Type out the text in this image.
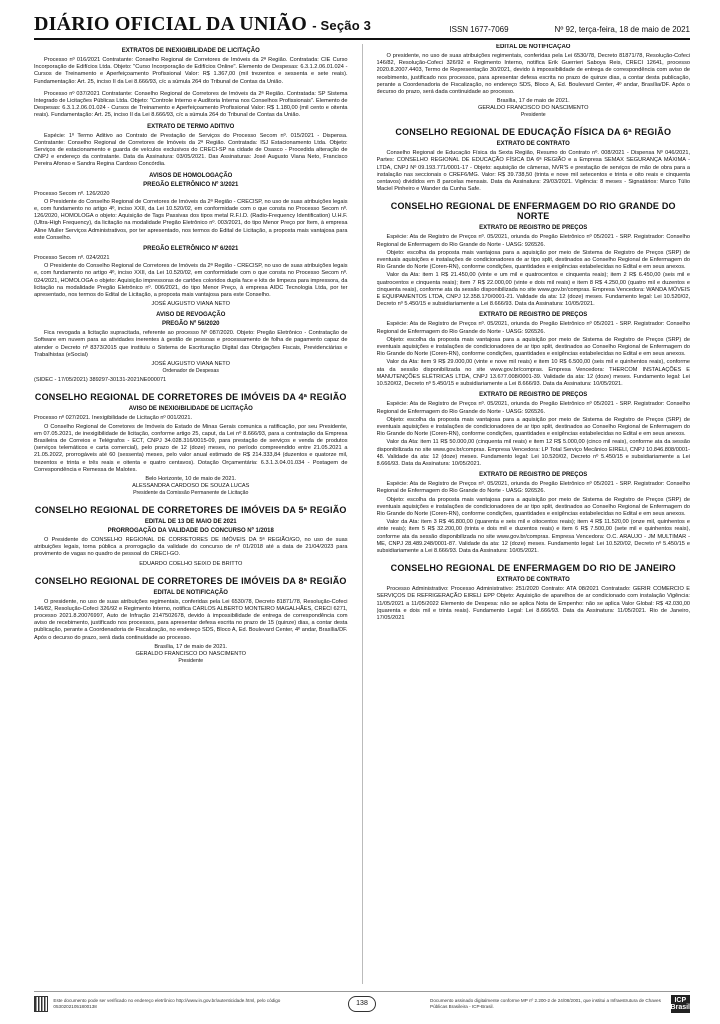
DIÁRIO OFICIAL DA UNIÃO - Seção 3	ISSN 1677-7069	Nº 92, terça-feira, 18 de maio de 2021
EXTRATOS DE INEXIGIBILIDADE DE LICITAÇÃO

Processo nº 016/2021 Contratante: Conselho Regional de Corretores de Imóveis da 2ª Região. Contratada: CIE Curso Incorporação de Edifícios Ltda. Objeto: "Curso Incorporação de Edifícios Online". Elemento de Despesas: 6.3.1.2.06.01.024 - Cursos de Treinamento e Aperfeiçoamento Profissional Valor: R$ 1.367,00 (mil trezentos e sessenta e sete reais). Fundamentação: Art. 25, inciso II da Lei 8.666/93, c/c a súmula 264 do Tribunal de Contas da União.

Processo nº 037/2021 Contratante: Conselho Regional de Corretores de Imóveis da 2ª Região. Contratada: SP Sistema Integrado de Licitações Públicas Ltda. Objeto: "Controle Interno e Auditoria Interna nos Conselhos Profissionais". Elemento de Despesas: 6.3.1.2.06.01.024 - Cursos de Treinamento e Aperfeiçoamento Profissional Valor: R$ 1.180,00 (mil cento e oitenta reais). Fundamentação: Art. 25, inciso II da Lei 8.666/93, c/c a súmula 264 do Tribunal de Contas da União.

EXTRATO DE TERMO ADITIVO

Espécie: 1º Termo Aditivo ao Contrato de Prestação de Serviços do Processo Secom nº. 015/2021 - Dispensa. Contratante: Conselho Regional de Corretores de Imóveis da 2ª Região. Contratada: ISJ Estacionamento Ltda. Objeto: Serviços de estacionamento e guarda de veículos exclusivos do CRECI-SP na cidade de Osasco - Procedida alteração de CNPJ e endereço da contratante. Data da Assinatura: 03/05/2021. Das Assinaturas: José Augusto Viana Neto, Francisco Pereira Afonso e Sandra Regina Cardoso Concórdia.

AVISOS DE HOMOLOGAÇÃO
PREGÃO ELETRÔNICO Nº 3/2021

Processo Secom nº. 126/2020

O Presidente do Conselho Regional de Corretores de Imóveis da 2ª Região - CRECISP, no uso de suas atribuições legais e, com fundamento no artigo 4º, inciso XXII, da Lei 10.520/02, em conformidade com o que consta no Processo Secom nº. 126/2020, HOMOLOGA o objeto: Aquisição de Tags Passivas dos tipos metal R.F.I.D. (Radio-Frequency Identification) U.H.F. (Ultra-High Frequency), da licitação na modalidade Pregão Eletrônico nº. 003/2021, do tipo Menor Preço por Item, à empresa Aline Muller Serviços Administrativos, por ter apresentado, nos termos do Edital de Licitação, a proposta mais vantajosa para este Conselho.

PREGÃO ELETRÔNICO Nº 6/2021

Processo Secom nº. 024/2021

O Presidente do Conselho Regional de Corretores de Imóveis da 2ª Região - CRECISP, no uso de suas atribuições legais e, com fundamento no artigo 4º, inciso XXII, da Lei 10.520/02, em conformidade com o que consta no Processo Secom nº. 024/2021, HOMOLOGA o objeto: Aquisição impressoras de cartões coloridos dupla face e kits de limpeza para impressora, da licitação na modalidade Pregão Eletrônico nº. 006/2021, do tipo Menor Preço, à empresa AIDC Tecnologia Ltda, por ter apresentado, nos termos do Edital de Licitação, a proposta mais vantajosa para este Conselho.

JOSÉ AUGUSTO VIANA NETO
AVISO DE REVOGAÇÃO
PREGÃO Nº 56/2020

Fica revogada a licitação supracitada, referente ao processo Nº 087/2020. Objeto: Pregão Eletrônico - Contratação de Software em nuvem para as atividades inerentes à gestão de pessoas e processamento de folha de pagamento capaz de atender o Decreto nº 8373/2015 que instituiu o Sistema de Escrituração Digital das Obrigações Fiscais, Previdenciárias e Trabalhistas (eSocial)

JOSÉ AUGUSTO VIANA NETO
Ordenador de Despesas

(SIDEC - 17/05/2021) 389297-30131-2021NE000071

CONSELHO REGIONAL DE CORRETORES DE IMÓVEIS DA 4ª REGIÃO
AVISO DE INEXIGIBILIDADE DE LICITAÇÃO

Processo nº 027/2021. Inexigibilidade de Licitação nº 001/2021.

O Conselho Regional de Corretores de Imóveis do Estado de Minas Gerais comunica a ratificação, por seu Presidente, em 07.05.2021, de inexigibilidade de licitação, conforme artigo 25, caput, da Lei nº 8.666/93, para a contratação da Empresa Brasileira de Correios e Telégrafos - ECT, CNPJ 34.028.316/0015-09, para prestação de serviços e venda de produtos (serviços telemáticos e carta comercial), pelo prazo de 12 (doze) meses, no período compreendido entre 21.05.2021 a 21.05.2022, prorrogáveis até 60 (sessenta) meses, pelo valor anual estimado de R$ 214.333,84 (duzentos e quatorze mil, trezentos e trinta e três reais e oitenta e quatro centavos). Dotação Orçamentária: 6.3.1.3.04.01.034 - Postagem de Correspondência e Remessa de Malotes.

Belo Horizonte, 10 de maio de 2021.
ALESSANDRA CARDOSO DE SOUZA LUCAS
Presidente da Comissão Permanente de Licitação
CONSELHO REGIONAL DE CORRETORES DE IMÓVEIS DA 5ª REGIÃO
EDITAL DE 13 DE MAIO DE 2021
PRORROGAÇÃO DA VALIDADE DO CONCURSO Nº 1/2018

O Presidente do CONSELHO REGIONAL DE CORRETORES DE IMÓVEIS DA 5ª REGIÃO/GO, no uso de suas atribuições legais, torna pública a prorrogação da validade do concurso de nº 01/2018 até a data de 21/04/2023 para provimento de vagas no quadro de pessoal do CRECI-GO.

EDUARDO COELHO SEIXO DE BRITTO
CONSELHO REGIONAL DE CORRETORES DE IMÓVEIS DA 8ª REGIÃO
EDITAL DE NOTIFICAÇÃO

O presidente, no uso de suas atribuições regimentais, conferidas pela Lei 6530/78, Decreto 81871/78, Resolução-Cofeci 146/82, Resolução-Cofeci 326/92 e Regimento Interno, notifica CARLOS ALBERTO MONTEIRO MAGALHÃES, CRECI 6271, processo 2021.8.20076997, Auto de Infração 2147502678, devido à impossibilidade de entrega de correspondência com aviso de recebimento, justificado nos processos, para apresentar defesa escrita no prazo de 15 (quinze) dias, a contar desta publicação, perante a Coordenadoria de Fiscalização, no endereço SDS, Bloco A, Ed. Boulevard Center, 4º andar, Brasília/DF. Após o decurso do prazo, será dada continuidade ao processo.

Brasília, 17 de maio de 2021.
GERALDO FRANCISCO DO NASCIMENTO
Presidente
EDITAL DE NOTIFICAÇÃO

O presidente, no uso de suas atribuições regimentais, conferidas pela Lei 6530/78, Decreto 81871/78, Resolução-Cofeci 146/82, Resolução-Cofeci 326/92 e Regimento Interno, notifica Erik Guerrieri Saboya Reis, CRECI 12641, processo 2020.8.2007.4403, Termo de Representação 30/2021, devido à impossibilidade de entrega de correspondência com aviso de recebimento, justificado nos processos, para apresentar defesa escrita no prazo de quinze dias, a contar desta publicação, perante a Coordenadoria de Fiscalização, no endereço SDS, Bloco A, Ed. Boulevard Center, 4º andar, Brasília/DF. Após o decurso do prazo, será dada continuidade ao processo.

Brasília, 17 de maio de 2021.
GERALDO FRANCISCO DO NASCIMENTO
Presidente
CONSELHO REGIONAL DE EDUCAÇÃO FÍSICA DA 6ª REGIÃO
EXTRATO DE CONTRATO

Conselho Regional de Educação Física da Sexta Região, Resumo do Contrato nº. 008/2021 - Dispensa Nº 046/2021, Partes: CONSELHO REGIONAL DE EDUCAÇÃO FÍSICA DA 6ª REGIÃO e a Empresa SEMAX SEGURANÇA MÁXIMA - LTDA, CNPJ Nº 09.193.771/0001-17 - Objeto: aquisição de câmeras, NVR'S e prestação de serviços de mão de obra para a instalação nas seccionais o CREF6/MG. Valor: R$ 39.738,50 (trinta e nove mil setecentos e trinta e oito reais e cinquenta centavos) divididos em 8 parcelas mensais. Data da Assinatura: 29/03/2021. Vigência: 8 meses - Signatários: Marco Túlio Maciel Pinheiro e Wander da Cunha Safe.

CONSELHO REGIONAL DE ENFERMAGEM DO RIO GRANDE DO NORTE
EXTRATO DE REGISTRO DE PREÇOS

Espécie: Ata de Registro de Preços nº. 05/2021, oriunda do Pregão Eletrônico nº 05/2021 - SRP. Registrador: Conselho Regional de Enfermagem do Rio Grande do Norte - UASG: 926526.

Objeto: escolha da proposta mais vantajosa para a aquisição por meio de Sistema de Registro de Preços (SRP) de eventuais aquisições e instalações de condicionadores de ar tipo split, destinados ao Conselho Regional de Enfermagem do Rio Grande do Norte (Coren-RN), conforme condições, quantidades e exigências estabelecidas no Edital e em seus anexos.

Valor da Ata: item 1 R$ 21.450,00 (vinte e um mil e quatrocentos e cinquenta reais); item 2 R$ 6.450,00 (seis mil e quatrocentos e cinquenta reais); item 7 R$ 22.000,00 (vinte e dois mil reais) e item 8 R$ 4.250,00 (quatro mil e duzentos e cinquenta reais), conforme ata da sessão disponibilizada no site www.gov.br/compras. Empresa Vencedora: WANDA MÓVEIS E EQUIPAMENTOS LTDA, CNPJ 12.358.170/0001-21. Validade da ata: 12 (doze) meses. Fundamento legal: Lei 10.520/02, Decreto nº 5.450/15 e subsidiariamente a Lei 8.666/93. Data da Assinatura: 10/05/2021.

EXTRATO DE REGISTRO DE PREÇOS

Espécie: Ata de Registro de Preços nº. 05/2021, oriunda do Pregão Eletrônico nº 05/2021 - SRP. Registrador: Conselho Regional de Enfermagem do Rio Grande do Norte - UASG: 926526.

Objeto: escolha da proposta mais vantajosa para a aquisição por meio de Sistema de Registro de Preços (SRP) de eventuais aquisições e instalações de condicionadores de ar tipo split, destinados ao Conselho Regional de Enfermagem do Rio Grande do Norte (Coren-RN), conforme condições, quantidades e exigências estabelecidas no Edital e em seus anexos.

Valor da Ata: item 9 R$ 29.000,00 (vinte e nove mil reais) e item 10 R$ 6.500,00 (seis mil e quinhentos reais), conforme ata da sessão disponibilizada no site www.gov.br/compras. Empresa Vencedora: THERCOM INSTALAÇÕES E MANUTENÇÕES ELÉTRICAS LTDA, CNPJ 13.677.008/0001-39. Validade da ata: 12 (doze) meses. Fundamento legal: Lei 10.520/02, Decreto nº 5.450/15 e subsidiariamente a Lei 8.666/93. Data da Assinatura: 10/05/2021.

EXTRATO DE REGISTRO DE PREÇOS

Espécie: Ata de Registro de Preços nº. 05/2021, oriunda do Pregão Eletrônico nº 05/2021 - SRP. Registrador: Conselho Regional de Enfermagem do Rio Grande do Norte - UASG: 926526.

Objeto: escolha da proposta mais vantajosa para a aquisição por meio de Sistema de Registro de Preços (SRP) de eventuais aquisições e instalações de condicionadores de ar tipo split, destinados ao Conselho Regional de Enfermagem do Rio Grande do Norte (Coren-RN), conforme condições, quantidades e exigências estabelecidas no Edital e em seus anexos.

Valor da Ata: item 11 R$ 50.000,00 (cinquenta mil reais) e item 12 R$ 5.000,00 (cinco mil reais), conforme ata da sessão disponibilizada no site www.gov.br/compras. Empresa Vencedora: LP Total Serviço Mecânico EIRELI, CNPJ 10.846.808/0001-48. Validade da ata: 12 (doze) meses. Fundamento legal: Lei 10.520/02, Decreto nº 5.450/15 e subsidiariamente a Lei 8.666/93. Data da Assinatura: 10/05/2021.

EXTRATO DE REGISTRO DE PREÇOS

Espécie: Ata de Registro de Preços nº. 05/2021, oriunda do Pregão Eletrônico nº 05/2021 - SRP. Registrador: Conselho Regional de Enfermagem do Rio Grande do Norte - UASG: 926526.

Objeto: escolha da proposta mais vantajosa para a aquisição por meio de Sistema de Registro de Preços (SRP) de eventuais aquisições e instalações de condicionadores de ar tipo split, destinados ao Conselho Regional de Enfermagem do Rio Grande do Norte (Coren-RN), conforme condições, quantidades e exigências estabelecidas no Edital e em seus anexos.

Valor da Ata: item 3 R$ 46.800,00 (quarenta e seis mil e oitocentos reais); item 4 R$ 11.520,00 (onze mil, quinhentos e vinte reais); item 5 R$ 32.200,00 (trinta e dois mil e duzentos reais) e item 6 R$ 7.500,00 (sete mil e quinhentos reais), conforme ata da sessão disponibilizada no site www.gov.br/compras. Empresa Vencedora: O.C. ARAUJO - JM MULTIMAR - ME, CNPJ 28.489.248/0001-87. Validade da ata: 12 (doze) meses. Fundamento legal: Lei 10.520/02, Decreto nº 5.450/15 e subsidiariamente a Lei 8.666/93. Data da Assinatura: 10/05/2021.

CONSELHO REGIONAL DE ENFERMAGEM DO RIO DE JANEIRO
EXTRATO DE CONTRATO

Processo Administrativo: Processo Administrativo: 251/2020 Contrato: ATA 08/2021 Contratado: GERIR COMERCIO E SERVIÇOS DE REFRIGERAÇÃO EIRELI EPP Objeto: Aquisição de aparelhos de ar condicionado com instalação Vigência: 11/05/2021 a 11/05/2022 Elemento de Despesa: não se aplica Nota de Empenho: não se aplica Valor Global: R$ 42.030,00 (quarenta e dois mil e trinta reais). Fundamento Legal: Lei 8.666/93. Data da Assinatura: 11/05/2021. Rio de Janeiro, 17/05/2021

Este documento pode ser verificado no endereço eletrônico http://www.in.gov.br/autenticidade.html, pelo código 05302021051800138	138	Documento assinado digitalmente conforme MP nº 2.200-2 de 24/08/2001, que institui a Infraestrutura de Chaves Públicas Brasileira - ICP-Brasil.
ICP Brasil
